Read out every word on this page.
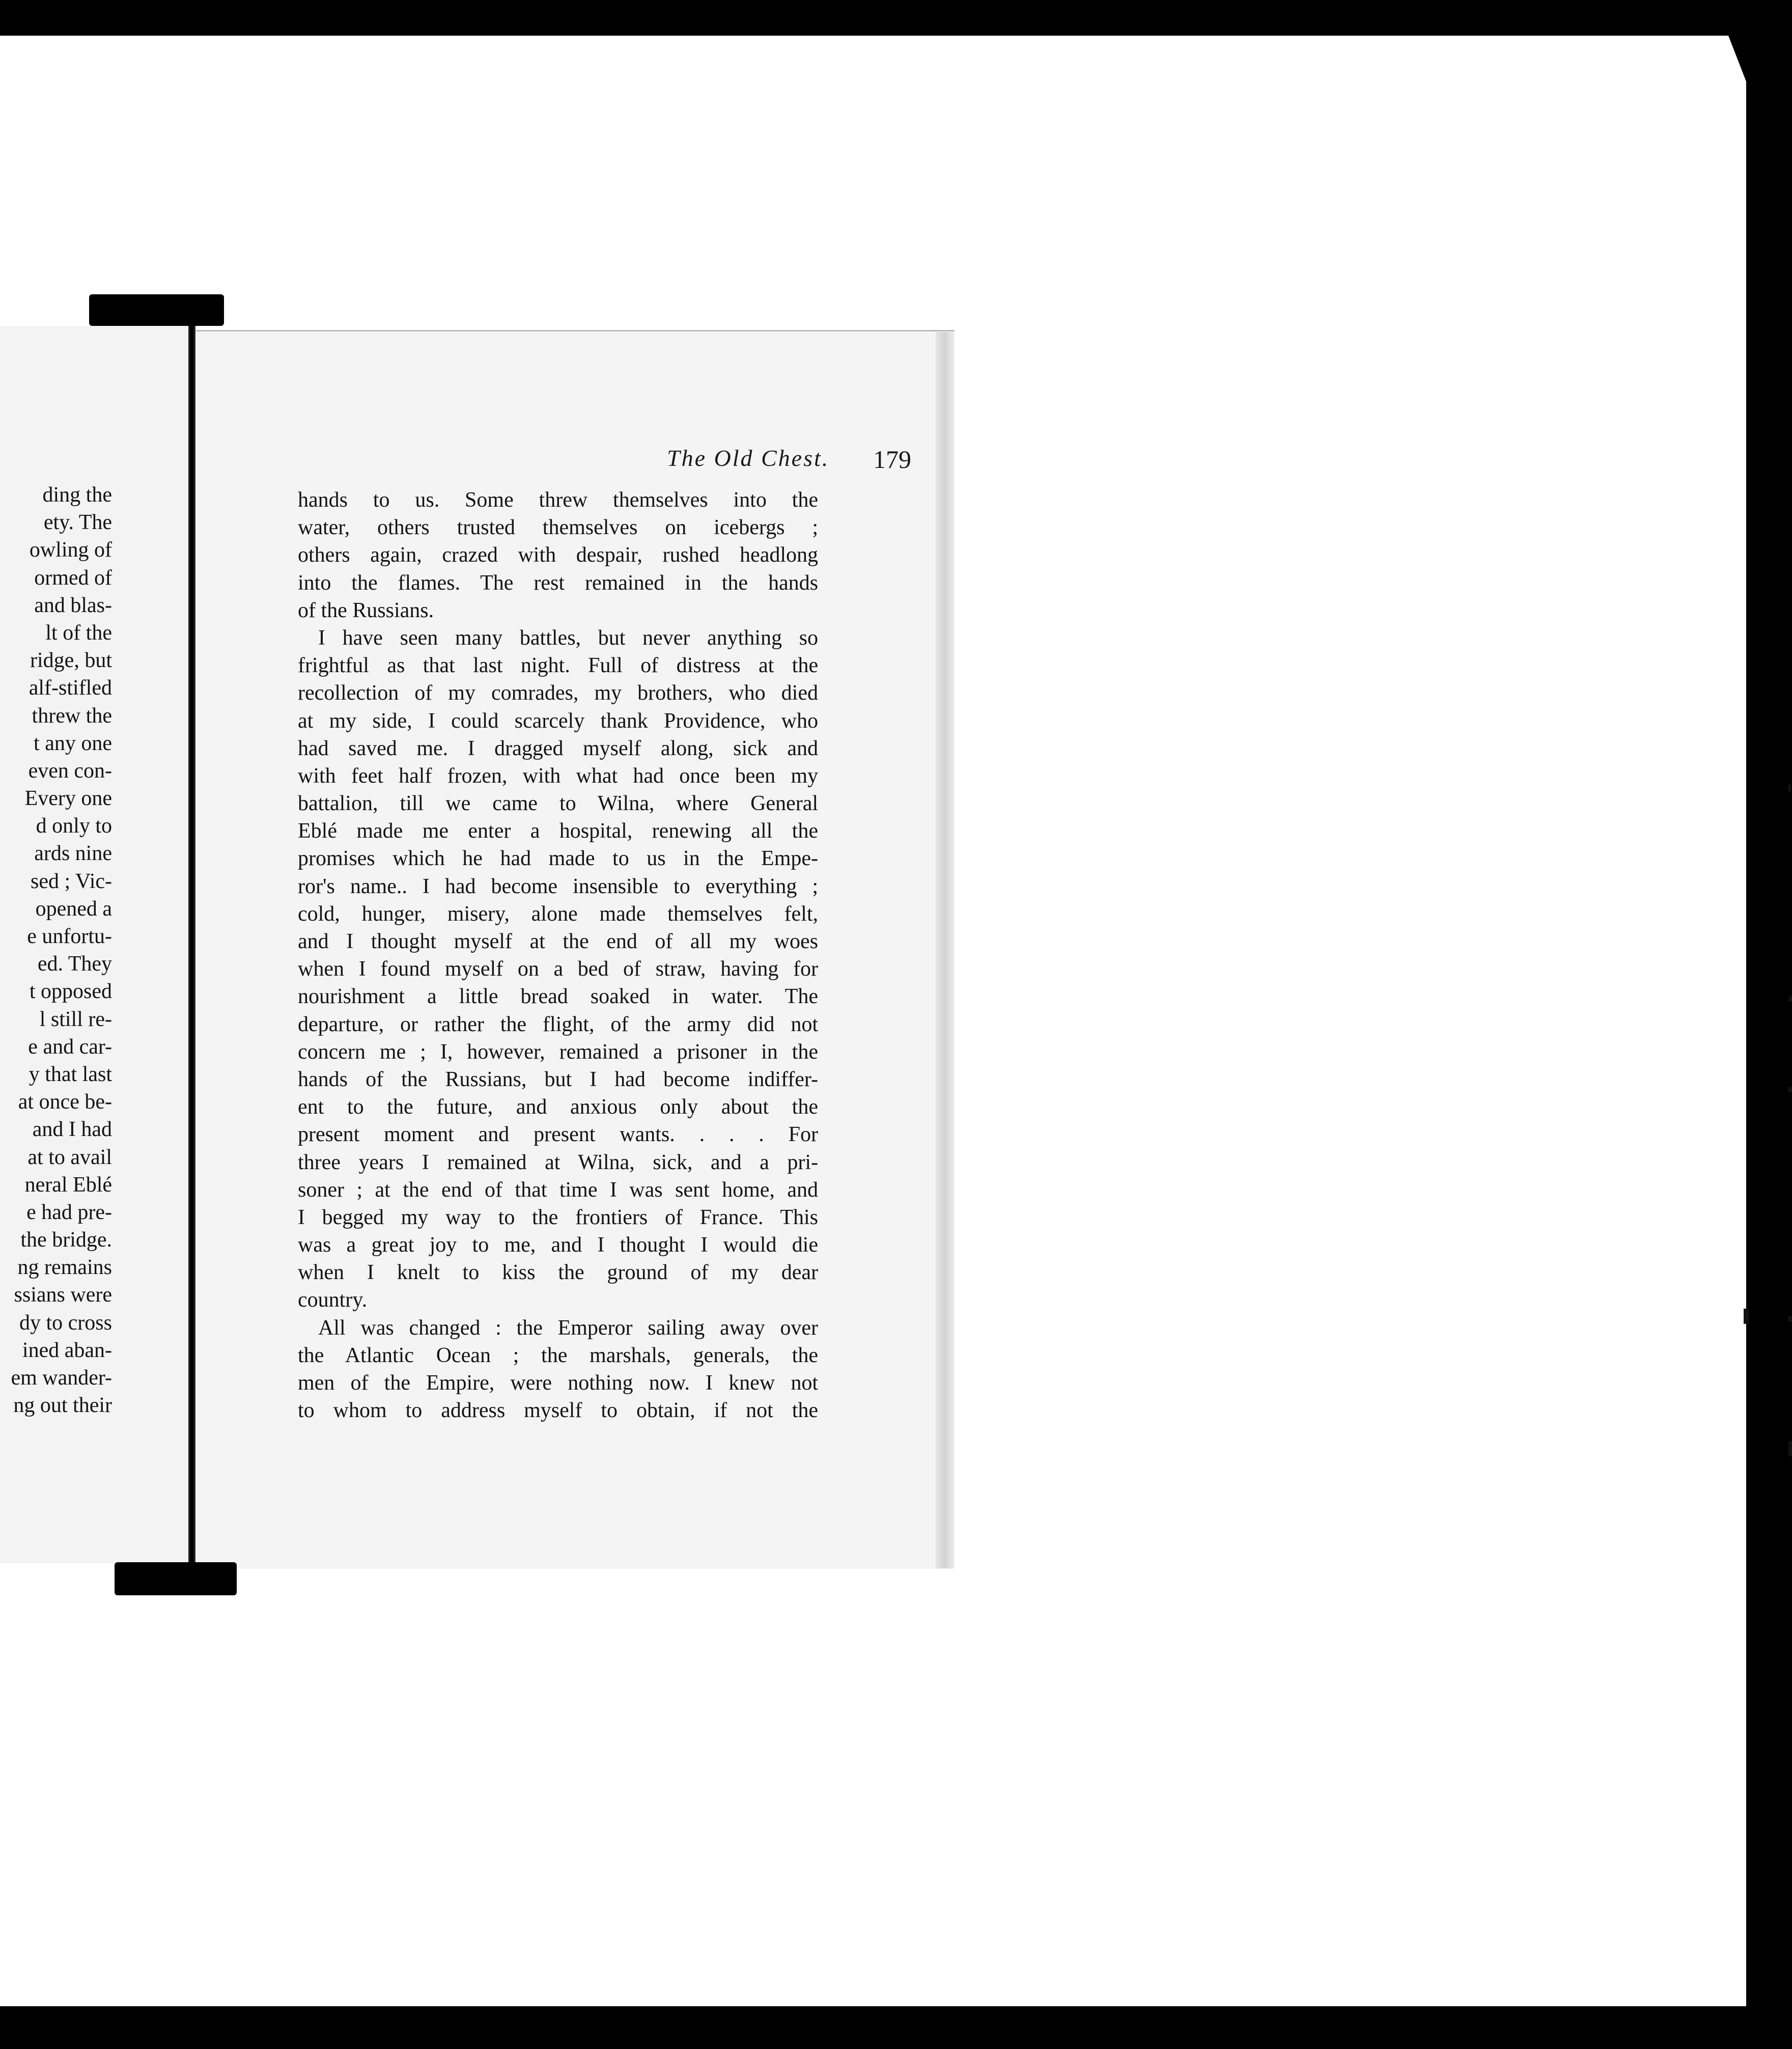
ding the
ety. The
owling of
ormed of
and blas-
lt of the
ridge, but
alf-stifled
threw the
t any one
even con-
Every one
d only to
ards nine
sed ; Vic-
opened a
e unfortu-
ed. They
t opposed
l still re-
e and car-
y that last
at once be-
and I had
at to avail
neral Eblé
e had pre-
the bridge.
ng remains
ssians were
dy to cross
ined aban-
em wander-
ng out their
The Old Chest. 179
hands to us. Some threw themselves into the
water, others trusted themselves on icebergs ;
others again, crazed with despair, rushed headlong
into the flames. The rest remained in the hands
of the Russians.
I have seen many battles, but never anything so
frightful as that last night. Full of distress at the
recollection of my comrades, my brothers, who died
at my side, I could scarcely thank Providence, who
had saved me. I dragged myself along, sick and
with feet half frozen, with what had once been my
battalion, till we came to Wilna, where General
Eblé made me enter a hospital, renewing all the
promises which he had made to us in the Empe-
ror's name.. I had become insensible to everything ;
cold, hunger, misery, alone made themselves felt,
and I thought myself at the end of all my woes
when I found myself on a bed of straw, having for
nourishment a little bread soaked in water. The
departure, or rather the flight, of the army did not
concern me ; I, however, remained a prisoner in the
hands of the Russians, but I had become indiffer-
ent to the future, and anxious only about the
present moment and present wants. . . . For
three years I remained at Wilna, sick, and a pri-
soner ; at the end of that time I was sent home, and
I begged my way to the frontiers of France. This
was a great joy to me, and I thought I would die
when I knelt to kiss the ground of my dear
country.
All was changed : the Emperor sailing away over
the Atlantic Ocean ; the marshals, generals, the
men of the Empire, were nothing now. I knew not
to whom to address myself to obtain, if not the
